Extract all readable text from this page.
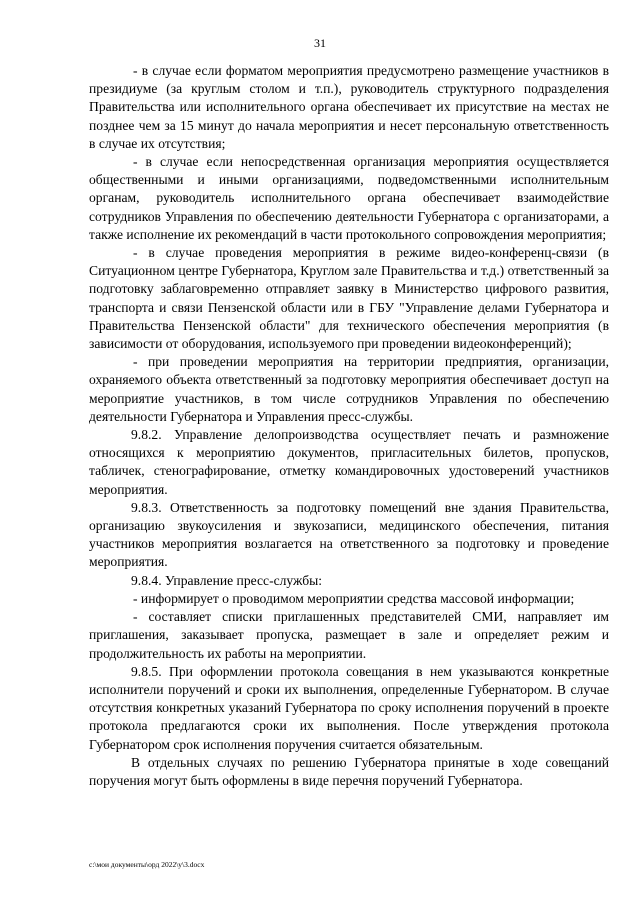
31

- в случае если форматом мероприятия предусмотрено размещение участников в президиуме (за круглым столом и т.п.), руководитель структурного подразделения Правительства или исполнительного органа обеспечивает их присутствие на местах не позднее чем за 15 минут до начала мероприятия и несет персональную ответственность в случае их отсутствия;

- в случае если непосредственная организация мероприятия осуществляется общественными и иными организациями, подведомственными исполнительным органам, руководитель исполнительного органа обеспечивает взаимодействие сотрудников Управления по обеспечению деятельности Губернатора с организаторами, а также исполнение их рекомендаций в части протокольного сопровождения мероприятия;

- в случае проведения мероприятия в режиме видео-конференц-связи (в Ситуационном центре Губернатора, Круглом зале Правительства и т.д.) ответственный за подготовку заблаговременно отправляет заявку в Министерство цифрового развития, транспорта и связи Пензенской области или в ГБУ "Управление делами Губернатора и Правительства Пензенской области" для технического обеспечения мероприятия (в зависимости от оборудования, используемого при проведении видеоконференций);

- при проведении мероприятия на территории предприятия, организации, охраняемого объекта ответственный за подготовку мероприятия обеспечивает доступ на мероприятие участников, в том числе сотрудников Управления по обеспечению деятельности Губернатора и Управления пресс-службы.

9.8.2. Управление делопроизводства осуществляет печать и размножение относящихся к мероприятию документов, пригласительных билетов, пропусков, табличек, стенографирование, отметку командировочных удостоверений участников мероприятия.

9.8.3. Ответственность за подготовку помещений вне здания Правительства, организацию звукоусиления и звукозаписи, медицинского обеспечения, питания участников мероприятия возлагается на ответственного за подготовку и проведение мероприятия.

9.8.4. Управление пресс-службы:

- информирует о проводимом мероприятии средства массовой информации;

- составляет списки приглашенных представителей СМИ, направляет им приглашения, заказывает пропуска, размещает в зале и определяет режим и продолжительность их работы на мероприятии.

9.8.5. При оформлении протокола совещания в нем указываются конкретные исполнители поручений и сроки их выполнения, определенные Губернатором. В случае отсутствия конкретных указаний Губернатора по сроку исполнения поручений в проекте протокола предлагаются сроки их выполнения. После утверждения протокола Губернатором срок исполнения поручения считается обязательным.

В отдельных случаях по решению Губернатора принятые в ходе совещаний поручения могут быть оформлены в виде перечня поручений Губернатора.

c:\мои документы\орд 2022\у\3.docx
